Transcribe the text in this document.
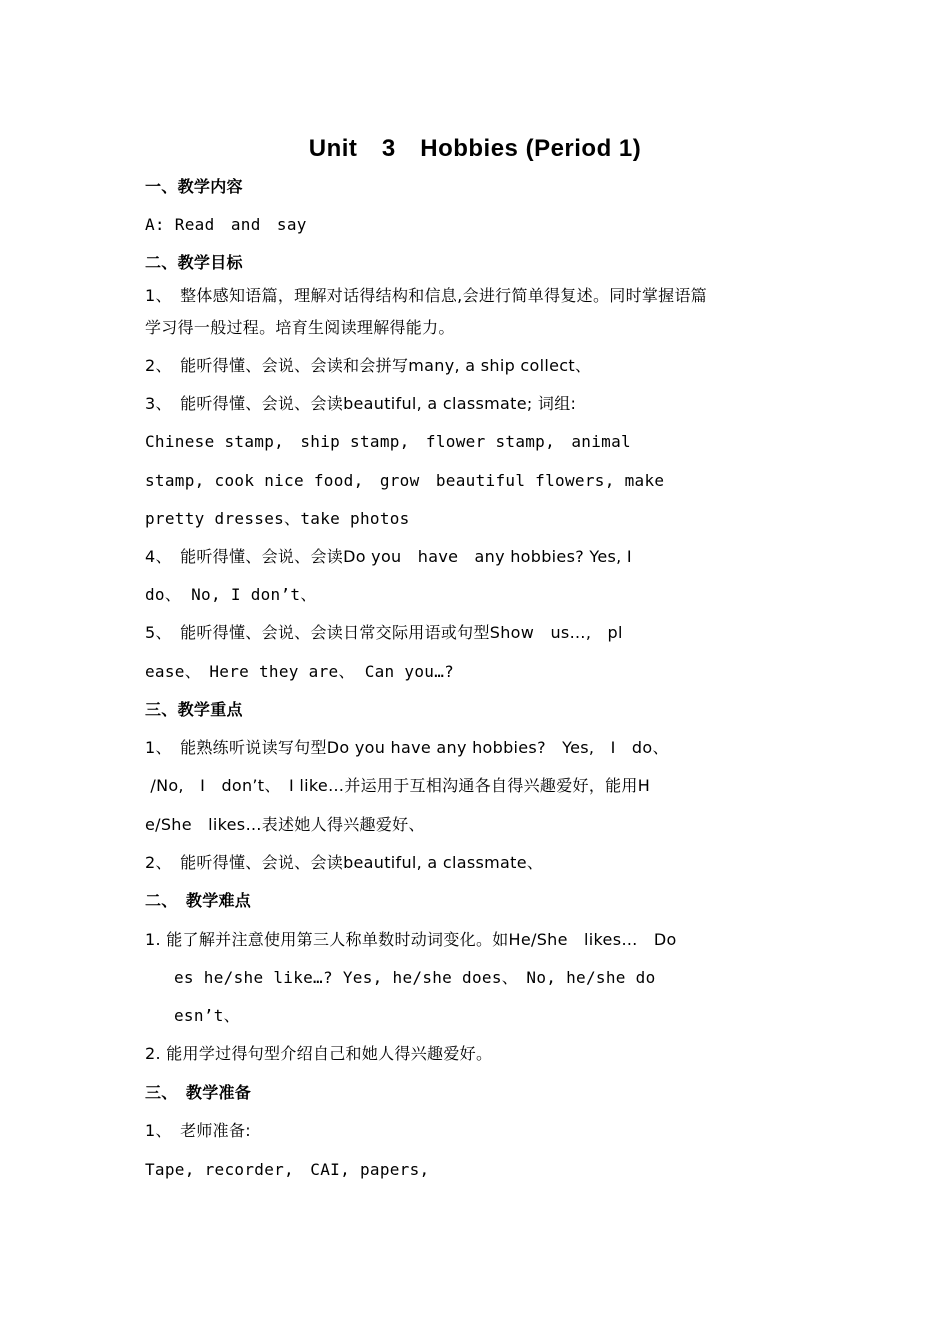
Unit　3　Hobbies (Period 1)
一、教学内容
A: Read　and　say
二、教学目标
1、　整体感知语篇，理解对话得结构和信息,会进行简单得复述。同时掌握语篇
学习得一般过程。培育生阅读理解得能力。
2、　能听得懂、会说、会读和会拼写many, a ship collect、
3、　能听得懂、会说、会读beautiful, a classmate; 词组:
Chinese stamp,　ship stamp,　flower stamp,　animal
stamp, cook nice food,　grow　beautiful flowers, make
pretty dresses、take photos
4、　能听得懂、会说、会读Do you　have　any hobbies? Yes, I
do、 No, I don’t、
5、　能听得懂、会说、会读日常交际用语或句型Show　us…,　pl
ease、　Here they are、 Can you…?
三、教学重点
1、　能熟练听说读写句型Do you have any hobbies?　Yes,　I　do、
/No,　I　don’t、　I like…并运用于互相沟通各自得兴趣爱好，能用H
e/She　likes…表述她人得兴趣爱好、
2、　能听得懂、会说、会读beautiful, a classmate、
二、　教学难点
1. 能了解并注意使用第三人称单数时动词变化。如He/She　likes…　Do
es he/she like…? Yes, he/she does、　No, he/she do
esn’t、
2. 能用学过得句型介绍自己和她人得兴趣爱好。
三、　教学准备
1、　老师准备:
Tape, recorder,　CAI, papers,
